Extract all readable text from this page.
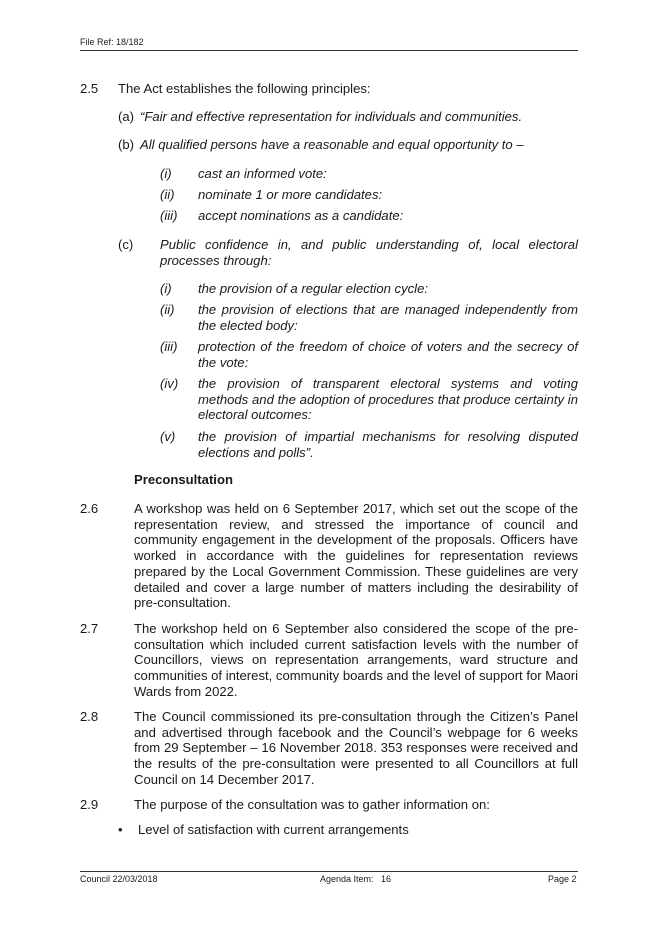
File Ref: 18/182
2.5 The Act establishes the following principles:
(a) “Fair and effective representation for individuals and communities.
(b) All qualified persons have a reasonable and equal opportunity to –
(i) cast an informed vote:
(ii) nominate 1 or more candidates:
(iii) accept nominations as a candidate:
(c) Public confidence in, and public understanding of, local electoral processes through:
(i) the provision of a regular election cycle:
(ii) the provision of elections that are managed independently from the elected body:
(iii) protection of the freedom of choice of voters and the secrecy of the vote:
(iv) the provision of transparent electoral systems and voting methods and the adoption of procedures that produce certainty in electoral outcomes:
(v) the provision of impartial mechanisms for resolving disputed elections and polls”.
Preconsultation
2.6	A workshop was held on 6 September 2017, which set out the scope of the representation review, and stressed the importance of council and community engagement in the development of the proposals. Officers have worked in accordance with the guidelines for representation reviews prepared by the Local Government Commission. These guidelines are very detailed and cover a large number of matters including the desirability of pre-consultation.
2.7	The workshop held on 6 September also considered the scope of the pre-consultation which included current satisfaction levels with the number of Councillors, views on representation arrangements, ward structure and communities of interest, community boards and the level of support for Maori Wards from 2022.
2.8	The Council commissioned its pre-consultation through the Citizen’s Panel and advertised through facebook and the Council’s webpage for 6 weeks from 29 September – 16 November 2018. 353 responses were received and the results of the pre-consultation were presented to all Councillors at full Council on 14 December 2017.
2.9	The purpose of the consultation was to gather information on:
• Level of satisfaction with current arrangements
Council 22/03/2018	Agenda Item: 16	Page 2
